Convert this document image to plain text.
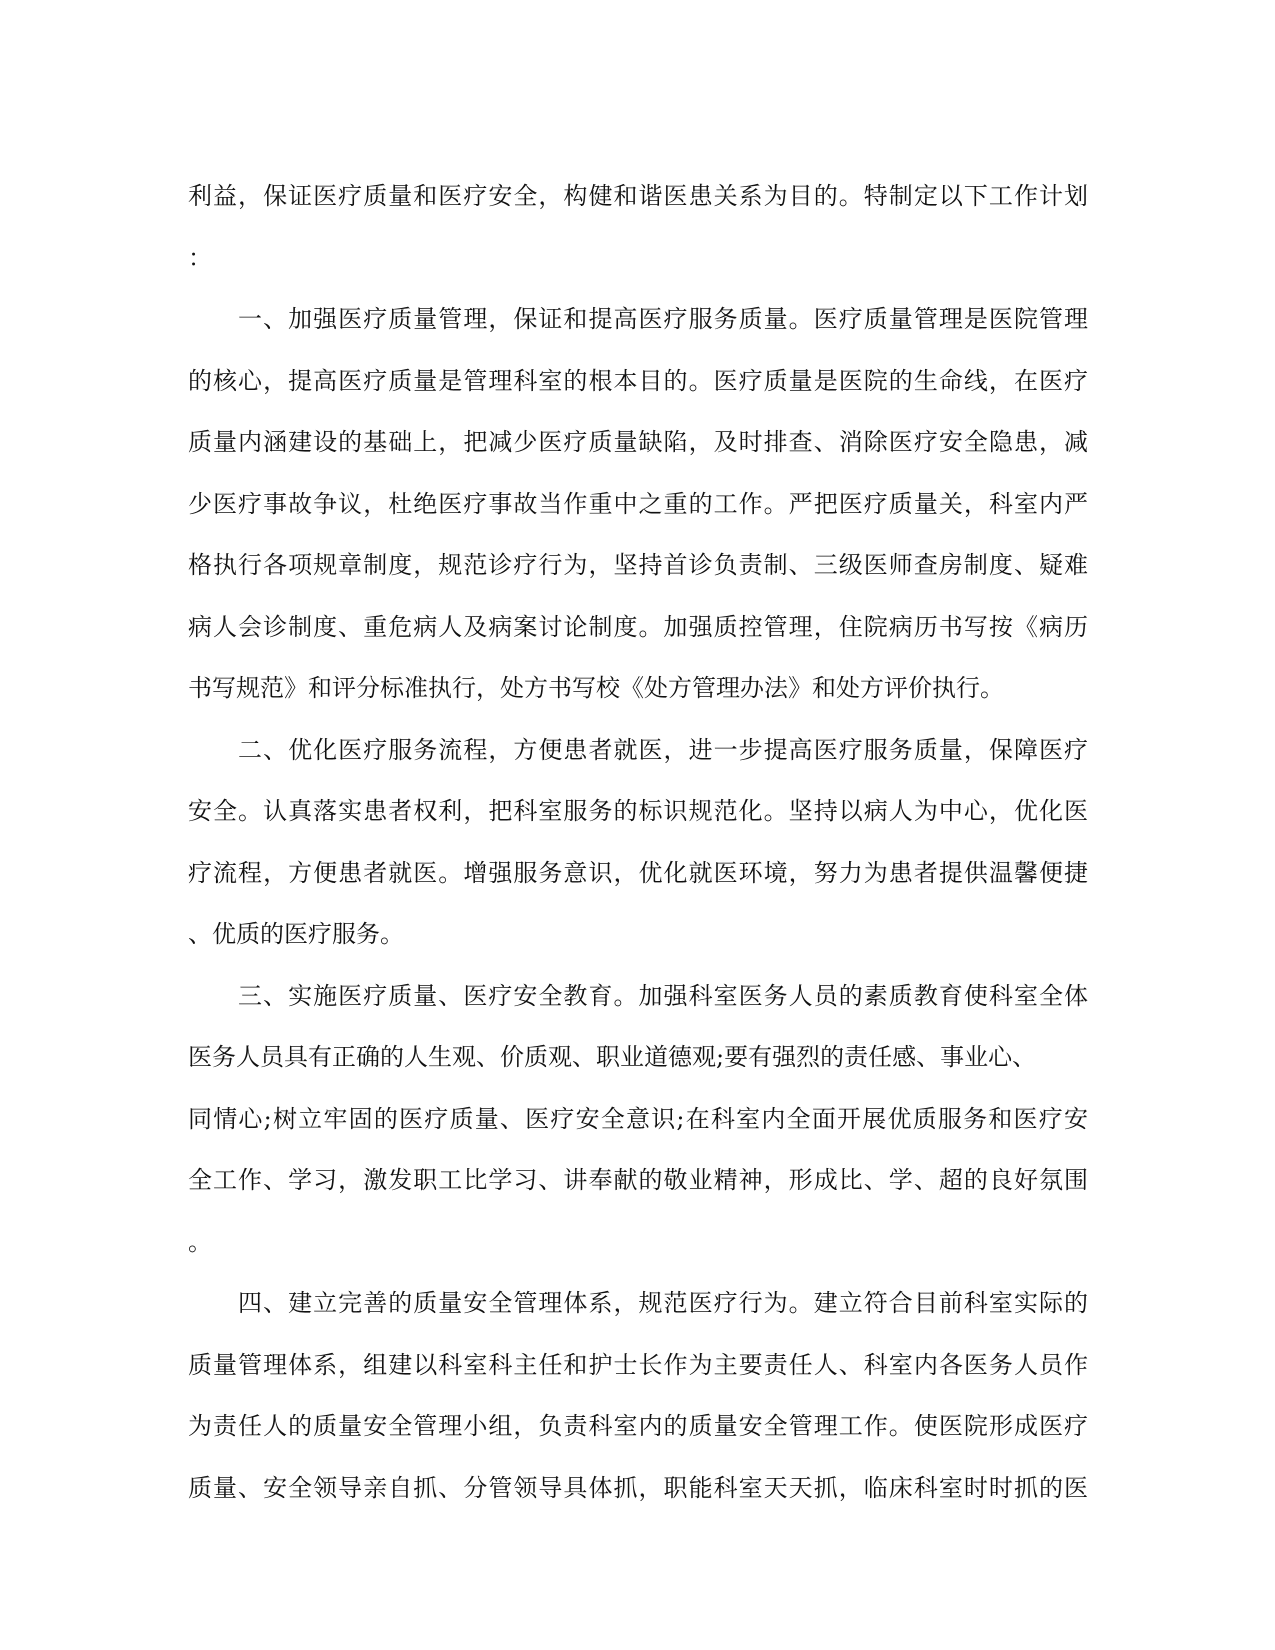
利益，保证医疗质量和医疗安全，构健和谐医患关系为目的。特制定以下工作计划
：
　　一、加强医疗质量管理，保证和提高医疗服务质量。医疗质量管理是医院管理
的核心，提高医疗质量是管理科室的根本目的。医疗质量是医院的生命线，在医疗
质量内涵建设的基础上，把减少医疗质量缺陷，及时排查、消除医疗安全隐患，减
少医疗事故争议，杜绝医疗事故当作重中之重的工作。严把医疗质量关，科室内严
格执行各项规章制度，规范诊疗行为，坚持首诊负责制、三级医师查房制度、疑难
病人会诊制度、重危病人及病案讨论制度。加强质控管理，住院病历书写按《病历
书写规范》和评分标准执行，处方书写校《处方管理办法》和处方评价执行。
　　二、优化医疗服务流程，方便患者就医，进一步提高医疗服务质量，保障医疗
安全。认真落实患者权利，把科室服务的标识规范化。坚持以病人为中心，优化医
疗流程，方便患者就医。增强服务意识，优化就医环境，努力为患者提供温馨便捷
、优质的医疗服务。
　　三、实施医疗质量、医疗安全教育。加强科室医务人员的素质教育使科室全体
医务人员具有正确的人生观、价质观、职业道德观;要有强烈的责任感、事业心、
同情心;树立牢固的医疗质量、医疗安全意识;在科室内全面开展优质服务和医疗安
全工作、学习，激发职工比学习、讲奉献的敬业精神，形成比、学、超的良好氛围
。
　　四、建立完善的质量安全管理体系，规范医疗行为。建立符合目前科室实际的
质量管理体系，组建以科室科主任和护士长作为主要责任人、科室内各医务人员作
为责任人的质量安全管理小组，负责科室内的质量安全管理工作。使医院形成医疗
质量、安全领导亲自抓、分管领导具体抓，职能科室天天抓，临床科室时时抓的医
